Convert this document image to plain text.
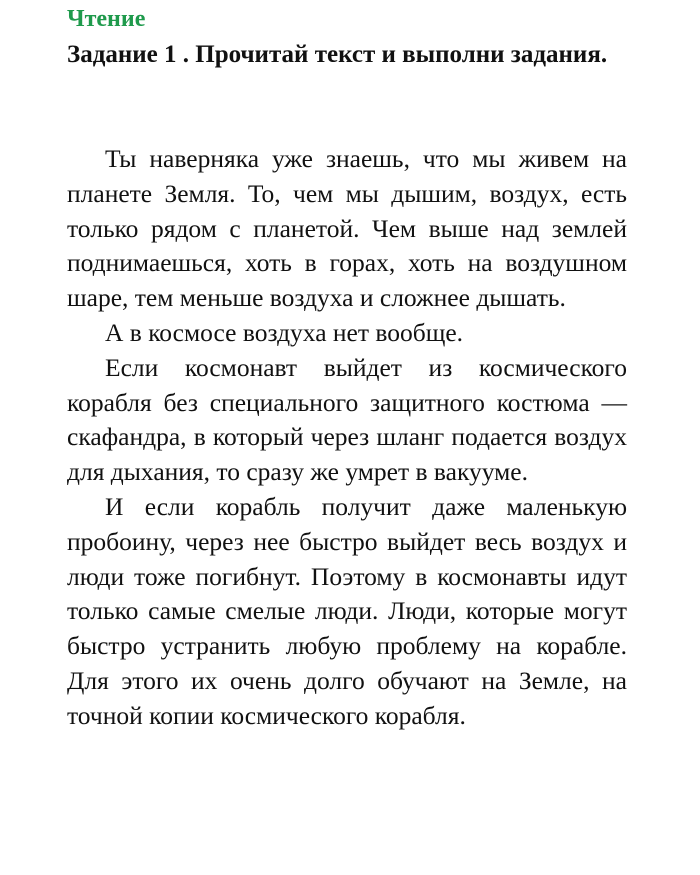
Чтение
Задание 1 . Прочитай текст и выполни задания.

Ты наверняка уже знаешь, что мы живем на планете Земля. То, чем мы дышим, воздух, есть только рядом с планетой. Чем выше над землей поднимаешься, хоть в горах, хоть на воздушном шаре, тем меньше воздуха и сложнее дышать.

А в космосе воздуха нет вообще.

Если космонавт выйдет из космического корабля без специального защитного костюма — скафандра, в который через шланг подается воздух для дыхания, то сразу же умрет в вакууме.

И если корабль получит даже маленькую пробоину, через нее быстро выйдет весь воздух и люди тоже погибнут. Поэтому в космонавты идут только самые смелые люди. Люди, которые могут быстро устранить любую проблему на корабле. Для этого их очень долго обучают на Земле, на точной копии космического корабля.
